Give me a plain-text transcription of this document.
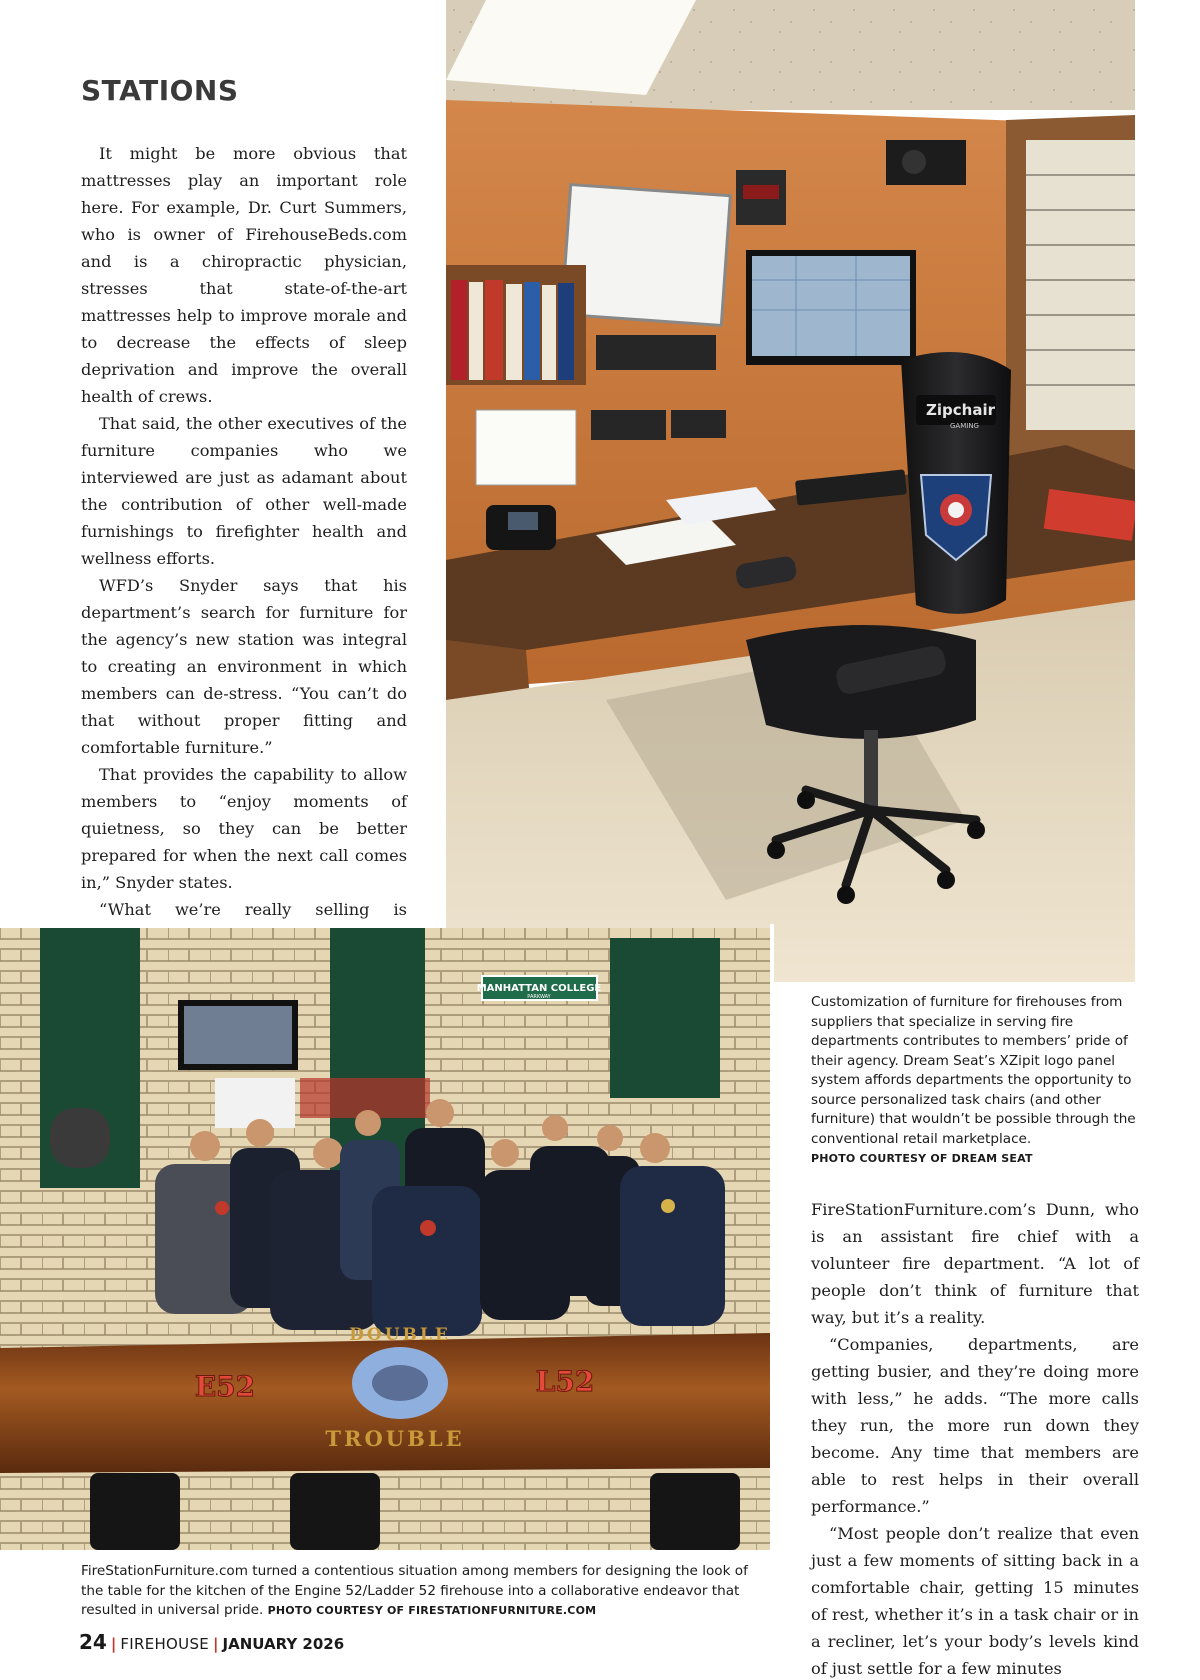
STATIONS

It might be more obvious that mattresses play an important role here. For example, Dr. Curt Summers, who is owner of FirehouseBeds.com and is a chiropractic physician, stresses that state-of-the-art mattresses help to improve morale and to decrease the effects of sleep deprivation and improve the overall health of crews.

That said, the other executives of the furniture companies who we interviewed are just as adamant about the contribution of other well-made furnishings to firefighter health and wellness efforts.

WFD’s Snyder says that his department’s search for furniture for the agency’s new station was integral to creating an environment in which members can de-stress. “You can’t do that without proper fitting and comfortable furniture.”

That provides the capability to allow members to “enjoy moments of quietness, so they can be better prepared for when the next call comes in,” Snyder states.

“What we’re really selling is

Zipchair
GAMING
Customization of furniture for firehouses from suppliers that specialize in serving fire departments contributes to members’ pride of their agency. Dream Seat’s XZipit logo panel system affords departments the opportunity to source personalized task chairs (and other furniture) that wouldn’t be possible through the conventional retail marketplace.
PHOTO COURTESY OF DREAM SEAT
MANHATTAN COLLEGE
PARKWAY
DOUBLE
E52	L52
TROUBLE
FireStationFurniture.com turned a contentious situation among members for designing the look of the table for the kitchen of the Engine 52/Ladder 52 firehouse into a collaborative endeavor that resulted in universal pride. PHOTO COURTESY OF FIRESTATIONFURNITURE.COM

FireStationFurniture.com’s Dunn, who is an assistant fire chief with a volunteer fire department. “A lot of people don’t think of furniture that way, but it’s a reality.

“Companies, departments, are getting busier, and they’re doing more with less,” he adds. “The more calls they run, the more run down they become. Any time that members are able to rest helps in their overall performance.”

“Most people don’t realize that even just a few moments of sitting back in a comfortable chair, getting 15 minutes of rest, whether it’s in a task chair or in a recliner, let’s your body’s levels kind of just settle for a few minutes

24 | FIREHOUSE | JANUARY 2026
